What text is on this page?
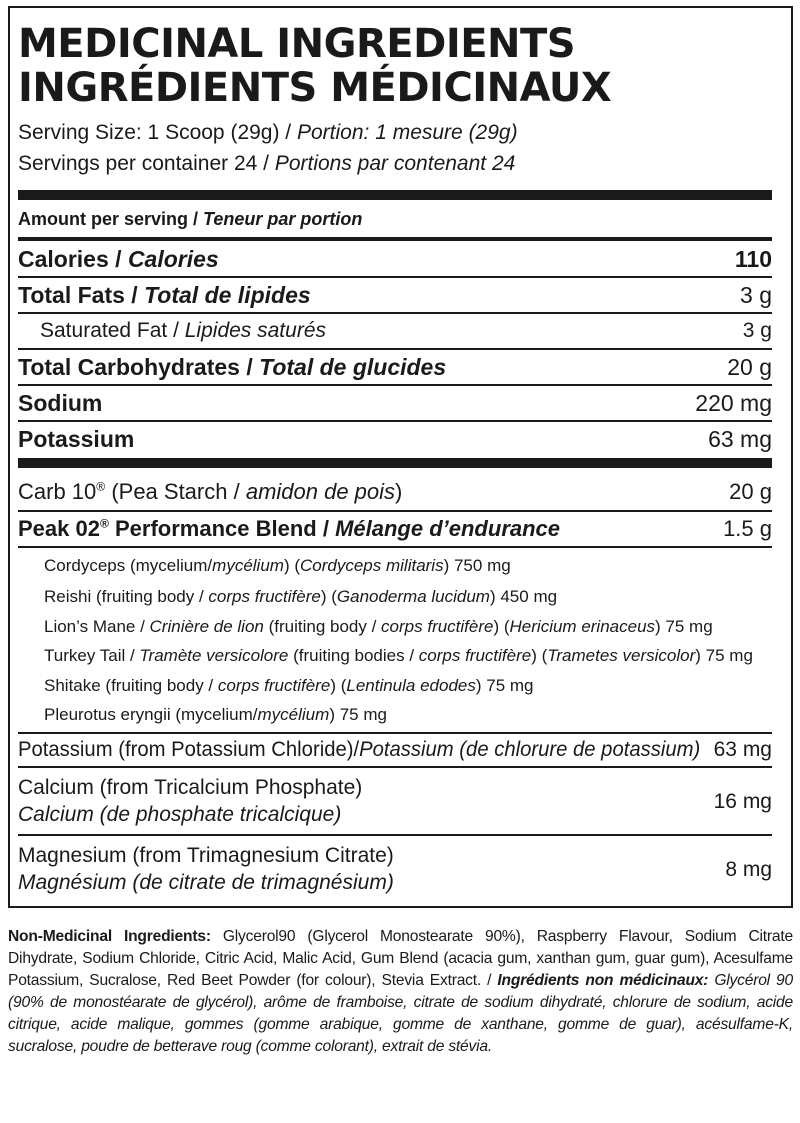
MEDICINAL INGREDIENTS
INGRÉDIENTS MÉDICINAUX
Serving Size: 1 Scoop (29g) / Portion: 1 mesure (29g)
Servings per container 24 / Portions par contenant 24
Amount per serving / Teneur par portion
Calories / Calories	110
Total Fats / Total de lipides	3 g
Saturated Fat / Lipides saturés	3 g
Total Carbohydrates / Total de glucides	20 g
Sodium	220 mg
Potassium	63 mg
Carb 10® (Pea Starch / amidon de pois)	20 g
Peak 02® Performance Blend / Mélange d’endurance	1.5 g
Cordyceps (mycelium/mycélium) (Cordyceps militaris) 750 mg
Reishi (fruiting body / corps fructifère) (Ganoderma lucidum) 450 mg
Lion’s Mane / Crinière de lion (fruiting body / corps fructifère) (Hericium erinaceus) 75 mg
Turkey Tail / Tramète versicolore (fruiting bodies / corps fructifère) (Trametes versicolor) 75 mg
Shitake (fruiting body / corps fructifère) (Lentinula edodes) 75 mg
Pleurotus eryngii (mycelium/mycélium) 75 mg
Potassium (from Potassium Chloride)/Potassium (de chlorure de potassium) 63 mg
Calcium (from Tricalcium Phosphate)
Calcium (de phosphate tricalcique)
16 mg
Magnesium (from Trimagnesium Citrate)
Magnésium (de citrate de trimagnésium)
8 mg
Non-Medicinal Ingredients: Glycerol90 (Glycerol Monostearate 90%), Raspberry Flavour, Sodium Citrate Dihydrate, Sodium Chloride, Citric Acid, Malic Acid, Gum Blend (acacia gum, xanthan gum, guar gum), Acesulfame Potassium, Sucralose, Red Beet Powder (for colour), Stevia Extract. / Ingrédients non médicinaux: Glycérol 90 (90% de monostéarate de glycérol), arôme de framboise, citrate de sodium dihydraté, chlorure de sodium, acide citrique, acide malique, gommes (gomme arabique, gomme de xanthane, gomme de guar), acésulfame-K, sucralose, poudre de betterave roug (comme colorant), extrait de stévia.
